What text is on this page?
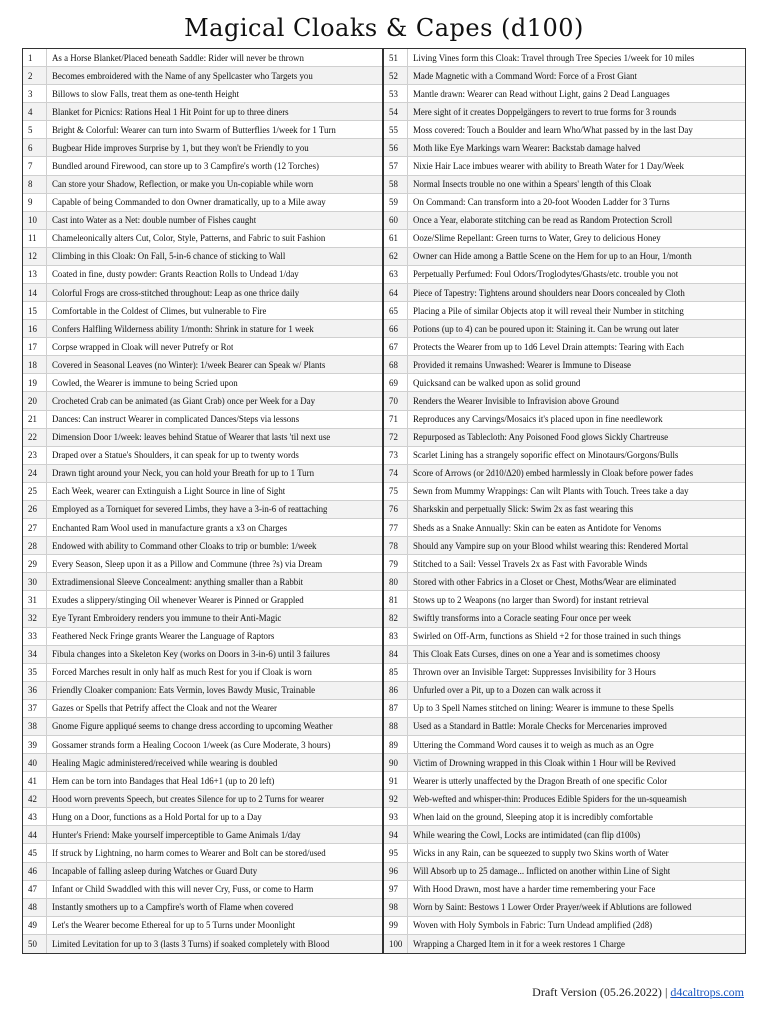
Magical Cloaks & Capes (d100)
1	As a Horse Blanket/Placed beneath Saddle: Rider will never be thrown
2	Becomes embroidered with the Name of any Spellcaster who Targets you
3	Billows to slow Falls, treat them as one-tenth Height
4	Blanket for Picnics: Rations Heal 1 Hit Point for up to three diners
5	Bright & Colorful: Wearer can turn into Swarm of Butterflies 1/week for 1 Turn
6	Bugbear Hide improves Surprise by 1, but they won't be Friendly to you
7	Bundled around Firewood, can store up to 3 Campfire's worth (12 Torches)
8	Can store your Shadow, Reflection, or make you Un-copiable while worn
9	Capable of being Commanded to don Owner dramatically, up to a Mile away
10	Cast into Water as a Net: double number of Fishes caught
11	Chameleonically alters Cut, Color, Style, Patterns, and Fabric to suit Fashion
12	Climbing in this Cloak: On Fall, 5-in-6 chance of sticking to Wall
13	Coated in fine, dusty powder: Grants Reaction Rolls to Undead 1/day
14	Colorful Frogs are cross-stitched throughout: Leap as one thrice daily
15	Comfortable in the Coldest of Climes, but vulnerable to Fire
16	Confers Halfling Wilderness ability 1/month: Shrink in stature for 1 week
17	Corpse wrapped in Cloak will never Putrefy or Rot
18	Covered in Seasonal Leaves (no Winter): 1/week Bearer can Speak w/ Plants
19	Cowled, the Wearer is immune to being Scried upon
20	Crocheted Crab can be animated (as Giant Crab) once per Week for a Day
21	Dances: Can instruct Wearer in complicated Dances/Steps via lessons
22	Dimension Door 1/week: leaves behind Statue of Wearer that lasts 'til next use
23	Draped over a Statue's Shoulders, it can speak for up to twenty words
24	Drawn tight around your Neck, you can hold your Breath for up to 1 Turn
25	Each Week, wearer can Extinguish a Light Source in line of Sight
26	Employed as a Torniquet for severed Limbs, they have a 3-in-6 of reattaching
27	Enchanted Ram Wool used in manufacture grants a x3 on Charges
28	Endowed with ability to Command other Cloaks to trip or bumble: 1/week
29	Every Season, Sleep upon it as a Pillow and Commune (three ?s) via Dream
30	Extradimensional Sleeve Concealment: anything smaller than a Rabbit
31	Exudes a slippery/stinging Oil whenever Wearer is Pinned or Grappled
32	Eye Tyrant Embroidery renders you immune to their Anti-Magic
33	Feathered Neck Fringe grants Wearer the Language of Raptors
34	Fibula changes into a Skeleton Key (works on Doors in 3-in-6) until 3 failures
35	Forced Marches result in only half as much Rest for you if Cloak is worn
36	Friendly Cloaker companion: Eats Vermin, loves Bawdy Music, Trainable
37	Gazes or Spells that Petrify affect the Cloak and not the Wearer
38	Gnome Figure appliqué seems to change dress according to upcoming Weather
39	Gossamer strands form a Healing Cocoon 1/week (as Cure Moderate, 3 hours)
40	Healing Magic administered/received while wearing is doubled
41	Hem can be torn into Bandages that Heal 1d6+1 (up to 20 left)
42	Hood worn prevents Speech, but creates Silence for up to 2 Turns for wearer
43	Hung on a Door, functions as a Hold Portal for up to a Day
44	Hunter's Friend: Make yourself imperceptible to Game Animals 1/day
45	If struck by Lightning, no harm comes to Wearer and Bolt can be stored/used
46	Incapable of falling asleep during Watches or Guard Duty
47	Infant or Child Swaddled with this will never Cry, Fuss, or come to Harm
48	Instantly smothers up to a Campfire's worth of Flame when covered
49	Let's the Wearer become Ethereal for up to 5 Turns under Moonlight
50	Limited Levitation for up to 3 (lasts 3 Turns) if soaked completely with Blood
51	Living Vines form this Cloak: Travel through Tree Species 1/week for 10 miles
52	Made Magnetic with a Command Word: Force of a Frost Giant
53	Mantle drawn: Wearer can Read without Light, gains 2 Dead Languages
54	Mere sight of it creates Doppelgängers to revert to true forms for 3 rounds
55	Moss covered: Touch a Boulder and learn Who/What passed by in the last Day
56	Moth like Eye Markings warn Wearer: Backstab damage halved
57	Nixie Hair Lace imbues wearer with ability to Breath Water for 1 Day/Week
58	Normal Insects trouble no one within a Spears' length of this Cloak
59	On Command: Can transform into a 20-foot Wooden Ladder for 3 Turns
60	Once a Year, elaborate stitching can be read as Random Protection Scroll
61	Ooze/Slime Repellant: Green turns to Water, Grey to delicious Honey
62	Owner can Hide among a Battle Scene on the Hem for up to an Hour, 1/month
63	Perpetually Perfumed: Foul Odors/Troglodytes/Ghasts/etc. trouble you not
64	Piece of Tapestry: Tightens around shoulders near Doors concealed by Cloth
65	Placing a Pile of similar Objects atop it will reveal their Number in stitching
66	Potions (up to 4) can be poured upon it: Staining it. Can be wrung out later
67	Protects the Wearer from up to 1d6 Level Drain attempts: Tearing with Each
68	Provided it remains Unwashed: Wearer is Immune to Disease
69	Quicksand can be walked upon as solid ground
70	Renders the Wearer Invisible to Infravision above Ground
71	Reproduces any Carvings/Mosaics it's placed upon in fine needlework
72	Repurposed as Tablecloth: Any Poisoned Food glows Sickly Chartreuse
73	Scarlet Lining has a strangely soporific effect on Minotaurs/Gorgons/Bulls
74	Score of Arrows (or 2d10/Δ20) embed harmlessly in Cloak before power fades
75	Sewn from Mummy Wrappings: Can wilt Plants with Touch. Trees take a day
76	Sharkskin and perpetually Slick: Swim 2x as fast wearing this
77	Sheds as a Snake Annually: Skin can be eaten as Antidote for Venoms
78	Should any Vampire sup on your Blood whilst wearing this: Rendered Mortal
79	Stitched to a Sail: Vessel Travels 2x as Fast with Favorable Winds
80	Stored with other Fabrics in a Closet or Chest, Moths/Wear are eliminated
81	Stows up to 2 Weapons (no larger than Sword) for instant retrieval
82	Swiftly transforms into a Coracle seating Four once per week
83	Swirled on Off-Arm, functions as Shield +2 for those trained in such things
84	This Cloak Eats Curses, dines on one a Year and is sometimes choosy
85	Thrown over an Invisible Target: Suppresses Invisibility for 3 Hours
86	Unfurled over a Pit, up to a Dozen can walk across it
87	Up to 3 Spell Names stitched on lining: Wearer is immune to these Spells
88	Used as a Standard in Battle: Morale Checks for Mercenaries improved
89	Uttering the Command Word causes it to weigh as much as an Ogre
90	Victim of Drowning wrapped in this Cloak within 1 Hour will be Revived
91	Wearer is utterly unaffected by the Dragon Breath of one specific Color
92	Web-wefted and whisper-thin: Produces Edible Spiders for the un-squeamish
93	When laid on the ground, Sleeping atop it is incredibly comfortable
94	While wearing the Cowl, Locks are intimidated (can flip d100s)
95	Wicks in any Rain, can be squeezed to supply two Skins worth of Water
96	Will Absorb up to 25 damage... Inflicted on another within Line of Sight
97	With Hood Drawn, most have a harder time remembering your Face
98	Worn by Saint: Bestows 1 Lower Order Prayer/week if Ablutions are followed
99	Woven with Holy Symbols in Fabric: Turn Undead amplified (2d8)
100	Wrapping a Charged Item in it for a week restores 1 Charge
Draft Version (05.26.2022) | d4caltrops.com
